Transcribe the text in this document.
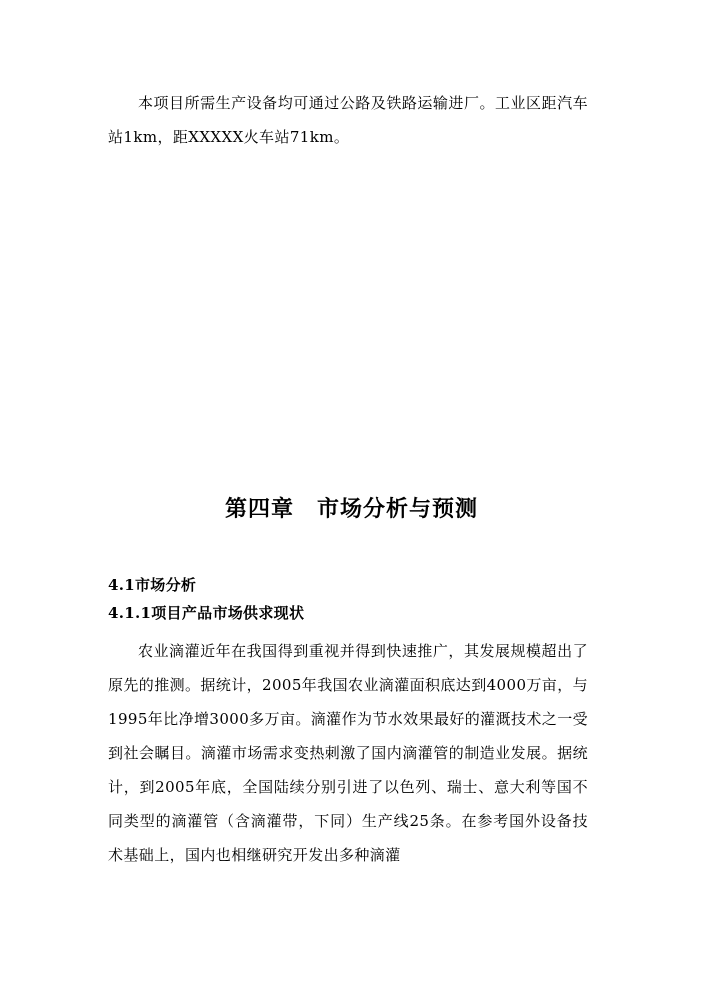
本项目所需生产设备均可通过公路及铁路运输进厂。工业区距汽车站1km，距XXXXX火车站71km。

第四章　市场分析与预测
4.1市场分析
4.1.1项目产品市场供求现状

农业滴灌近年在我国得到重视并得到快速推广，其发展规模超出了原先的推测。据统计，2005年我国农业滴灌面积底达到4000万亩，与1995年比净增3000多万亩。滴灌作为节水效果最好的灌溉技术之一受到社会瞩目。滴灌市场需求变热刺激了国内滴灌管的制造业发展。据统计，到2005年底，全国陆续分别引进了以色列、瑞士、意大利等国不同类型的滴灌管（含滴灌带，下同）生产线25条。在参考国外设备技术基础上，国内也相继研究开发出多种滴灌
